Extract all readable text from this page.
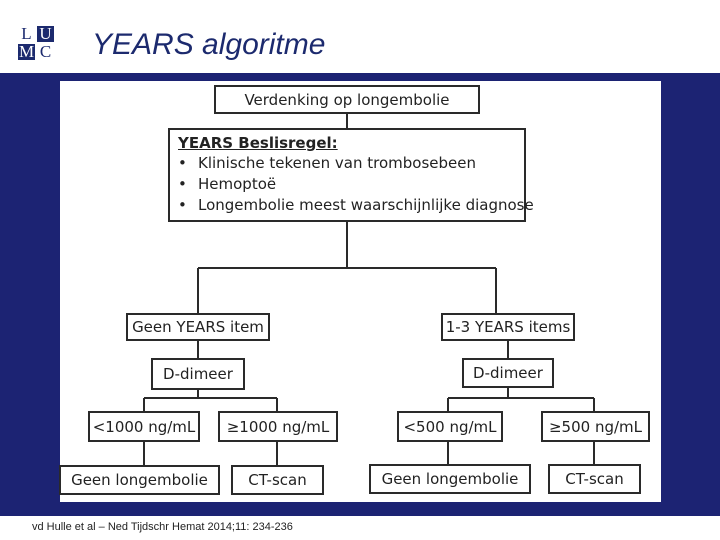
L U
M C YEARS algoritme
Verdenking op longembolie
YEARS Beslisregel:
• Klinische tekenen van trombosebeen
• Hemoptoë
• Longembolie meest waarschijnlijke diagnose
Geen YEARS item
D-dimeer
<1000 ng/mL	≥1000 ng/mL
Geen longembolie	CT-scan
1-3 YEARS items
D-dimeer
<500 ng/mL	≥500 ng/mL
Geen longembolie	CT-scan
vd Hulle et al – Ned Tijdschr Hemat 2014;11: 234-236
